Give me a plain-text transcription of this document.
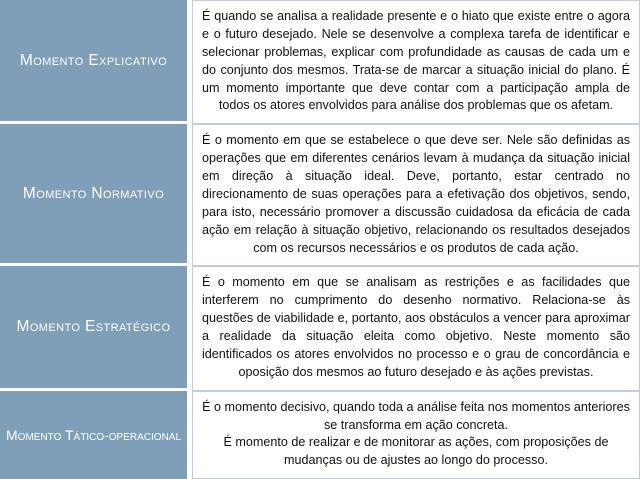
Momento Explicativo		É quando se analisa a realidade presente e o hiato que existe entre o agora e o futuro desejado. Nele se desenvolve a complexa tarefa de identificar e selecionar problemas, explicar com profundidade as causas de cada um e do conjunto dos mesmos. Trata-se de marcar a situação inicial do plano. É um momento importante que deve contar com a participação ampla de todos os atores envolvidos para análise dos problemas que os afetam.

Momento Normativo		É o momento em que se estabelece o que deve ser. Nele são definidas as operações que em diferentes cenários levam à mudança da situação inicial em direção à situação ideal. Deve, portanto, estar centrado no direcionamento de suas operações para a efetivação dos objetivos, sendo, para isto, necessário promover a discussão cuidadosa da eficácia de cada ação em relação à situação objetivo, relacionando os resultados desejados com os recursos necessários e os produtos de cada ação.

Momento Estratégico		É o momento em que se analisam as restrições e as facilidades que interferem no cumprimento do desenho normativo. Relaciona-se às questões de viabilidade e, portanto, aos obstáculos a vencer para aproximar a realidade da situação eleita como objetivo. Neste momento são identificados os atores envolvidos no processo e o grau de concordância e oposição dos mesmos ao futuro desejado e às ações previstas.

Momento Tático-operacional		É o momento decisivo, quando toda a análise feita nos momentos anteriores se transforma em ação concreta.
É momento de realizar e de monitorar as ações, com proposições de mudanças ou de ajustes ao longo do processo.
